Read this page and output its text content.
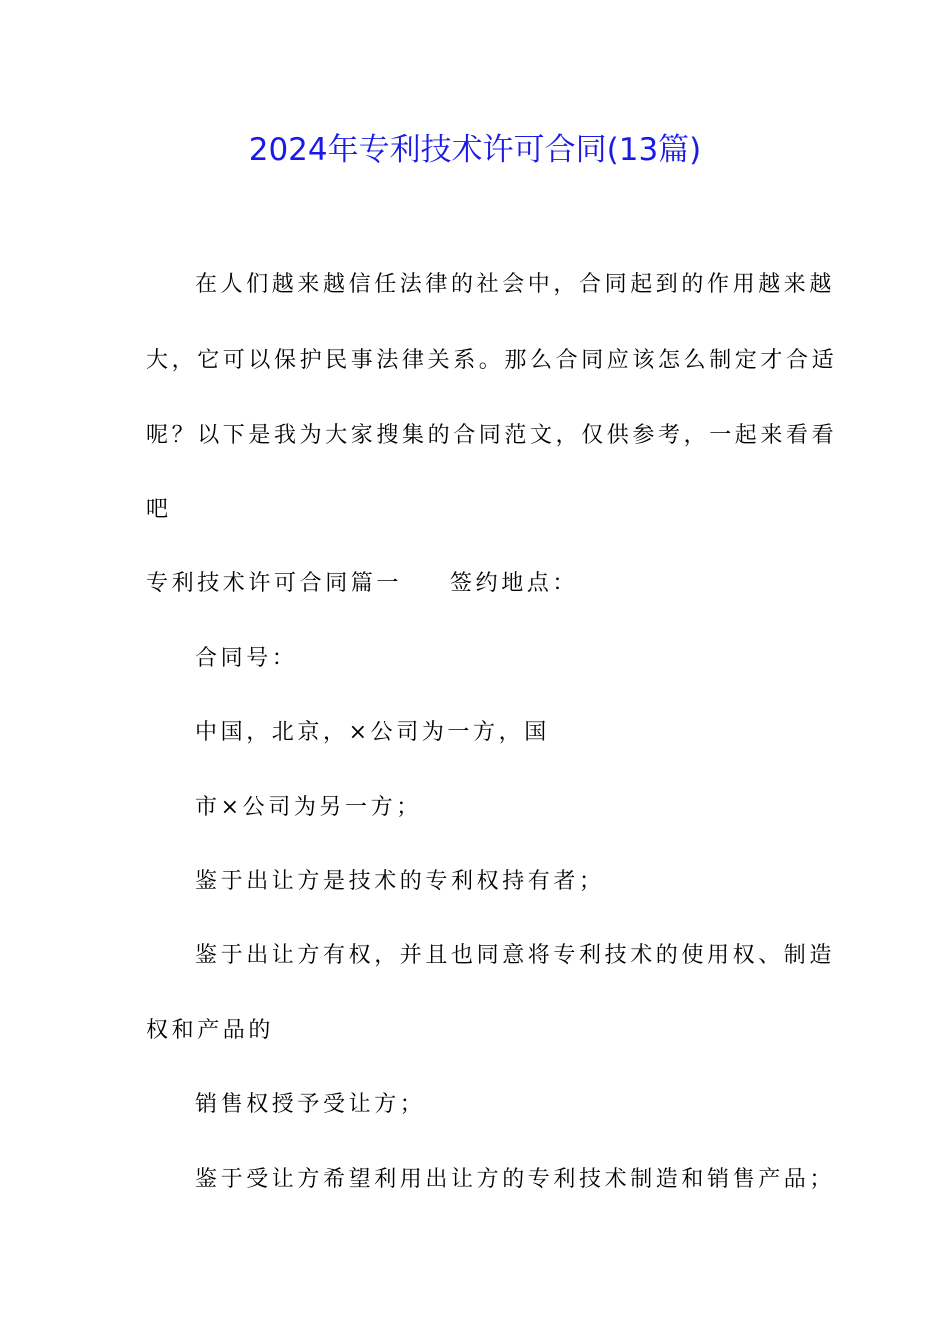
2024年专利技术许可合同(13篇)
在人们越来越信任法律的社会中，合同起到的作用越来越
大，它可以保护民事法律关系。那么合同应该怎么制定才合适
呢？以下是我为大家搜集的合同范文，仅供参考，一起来看看
吧
专利技术许可合同篇一 签约地点：
合同号：
中国，北京，×公司为一方，国
市×公司为另一方；
鉴于出让方是技术的专利权持有者；
鉴于出让方有权，并且也同意将专利技术的使用权、制造
权和产品的
销售权授予受让方；
鉴于受让方希望利用出让方的专利技术制造和销售产品；
